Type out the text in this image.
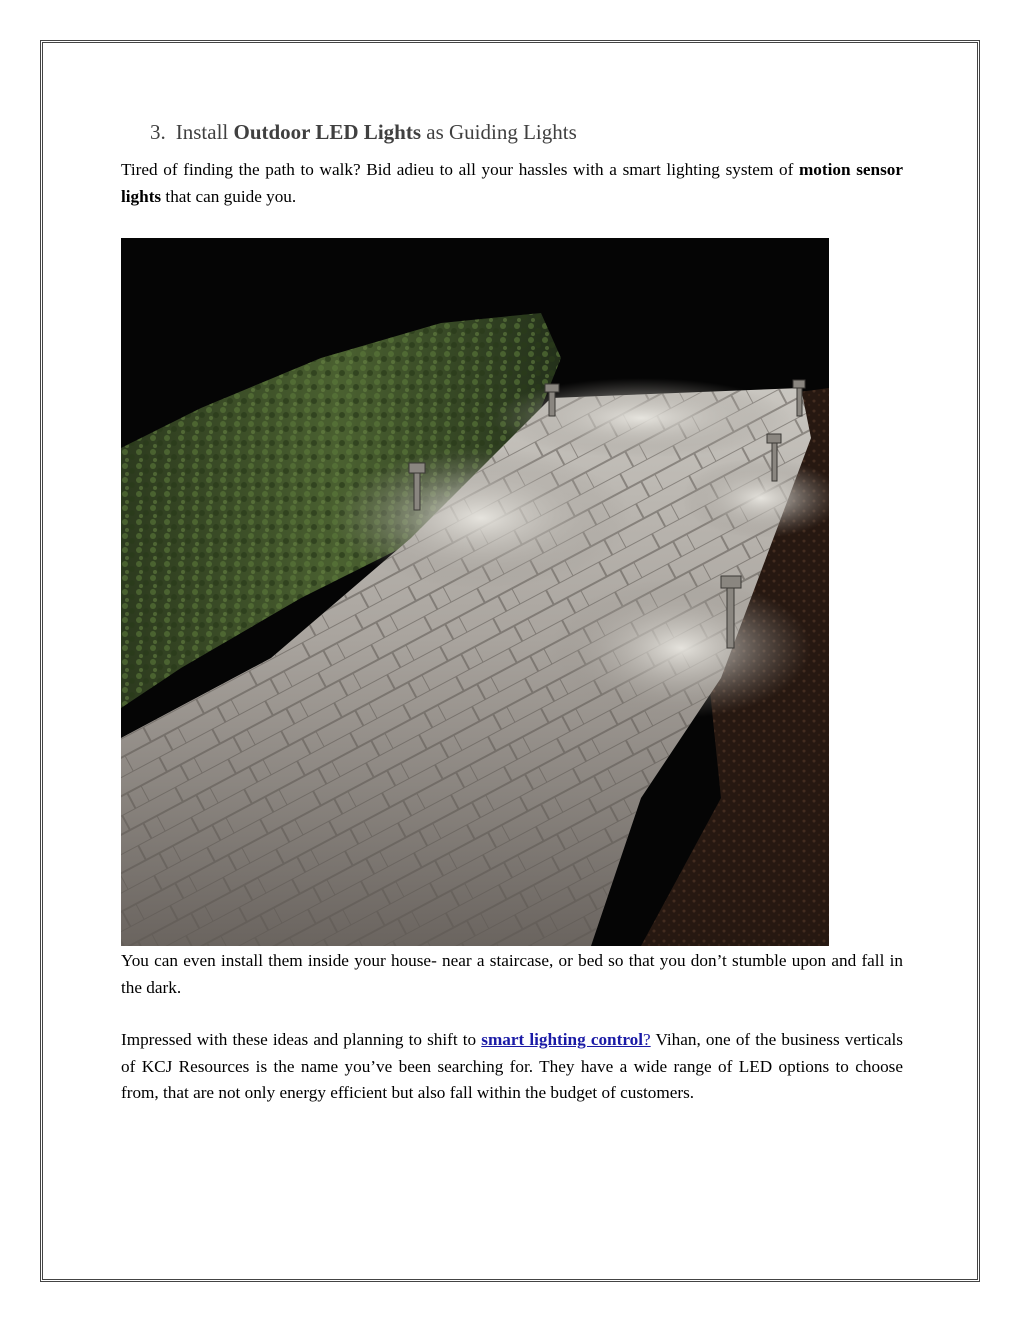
3. Install Outdoor LED Lights as Guiding Lights

Tired of finding the path to walk? Bid adieu to all your hassles with a smart lighting system of motion sensor lights that can guide you.

You can even install them inside your house- near a staircase, or bed so that you don’t stumble upon and fall in the dark.

Impressed with these ideas and planning to shift to smart lighting control? Vihan, one of the business verticals of KCJ Resources is the name you’ve been searching for. They have a wide range of LED options to choose from, that are not only energy efficient but also fall within the budget of customers.
